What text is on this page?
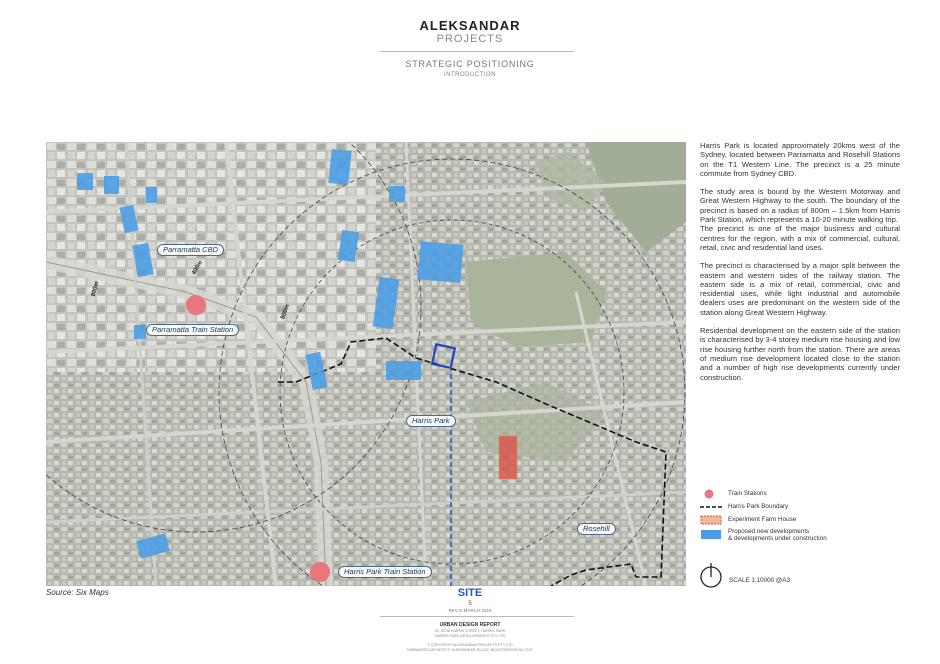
ALEKSANDAR
PROJECTS
STRATEGIC POSITIONING
INTRODUCTION
Parramatta CBD
Parramatta Train Station
Harris Park
Harris Park Train Station
Rosehill
800m
400m
800m
Source: Six Maps

Harris Park is located approximately 20kms west of the Sydney, located between Parramatta and Rosehill Stations on the T1 Western Line. The precinct is a 25 minute commute from Sydney CBD.

The study area is bound by the Western Motorway and Great Western Highway to the south. The boundary of the precinct is based on a radius of 800m – 1.5km from Harris Park Station, which represents a 10-20 minute walking trip.

The precinct is one of the major business and cultural centres for the region, with a mix of commercial, cultural, retail, civic and residential land uses.

The precinct is characterised by a major split between the eastern and western sides of the railway station. The eastern side is a mix of retail, commercial, civic and residential uses, while light industrial and automobile dealers uses are predominant on the western side of the station along Great Western Highway.

Residential development on the eastern side of the station is characterised by 3-4 storey medium rise housing and low rise housing further north from the station. There are areas of medium rise development located close to the station and a number of high rise developments currently under construction.

Train Stations
Harris Park Boundary
Experiment Farm House
Proposed new developments
& developments under construction
SCALE 1:10000 @A3
SITE
5
REV D MARCH 2019
URBAN DESIGN REPORT
94, 96-98 HARRIS STREET, HARRIS PARK
HARRIS PARK DEVELOPMENTS PTY LTD
© COPYRIGHT ALEKSANDAR PROJECTS PTY LTD
NOMINATED ARCHITECT: ALEKSANDAR JELICIC REGISTRATION NO 7197
